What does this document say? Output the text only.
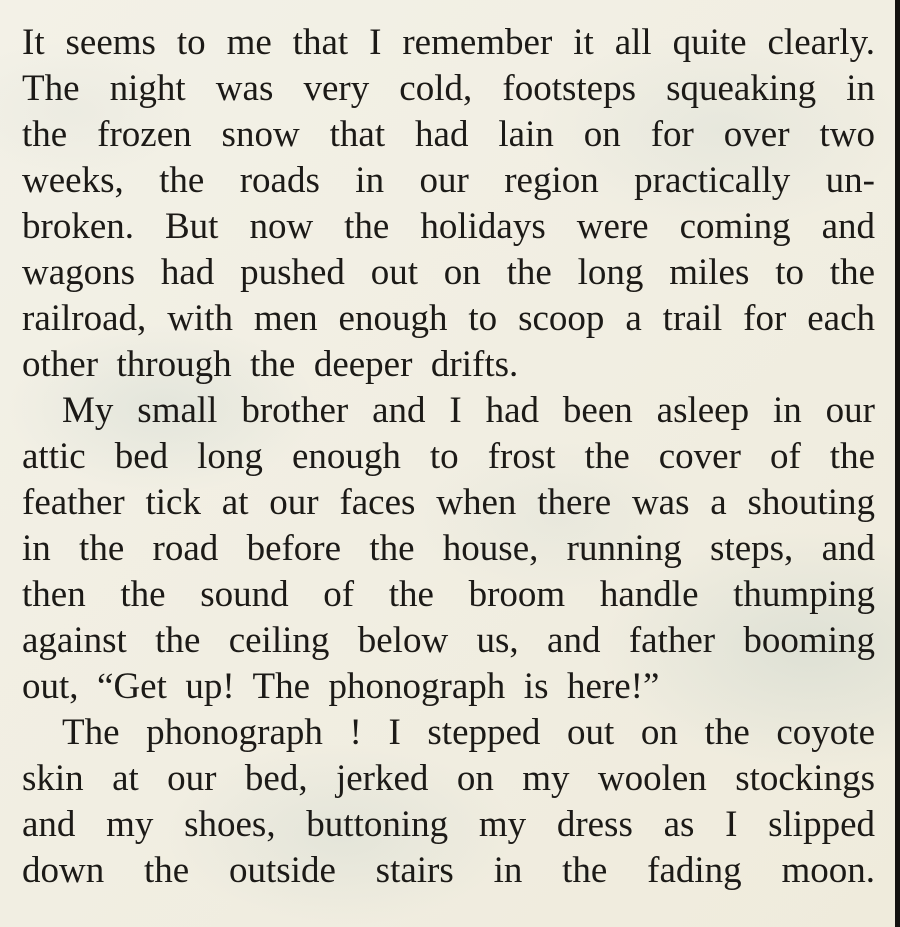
It seems to me that I remember it all quite clearly.
The night was very cold, footsteps squeaking in
the frozen snow that had lain on for over two
weeks, the roads in our region practically un-
broken. But now the holidays were coming and
wagons had pushed out on the long miles to the
railroad, with men enough to scoop a trail for each
other through the deeper drifts.
My small brother and I had been asleep in our
attic bed long enough to frost the cover of the
feather tick at our faces when there was a shouting
in the road before the house, running steps, and
then the sound of the broom handle thumping
against the ceiling below us, and father booming
out, “Get up! The phonograph is here!”
The phonograph ! I stepped out on the coyote
skin at our bed, jerked on my woolen stockings
and my shoes, buttoning my dress as I slipped
down the outside stairs in the fading moon.
